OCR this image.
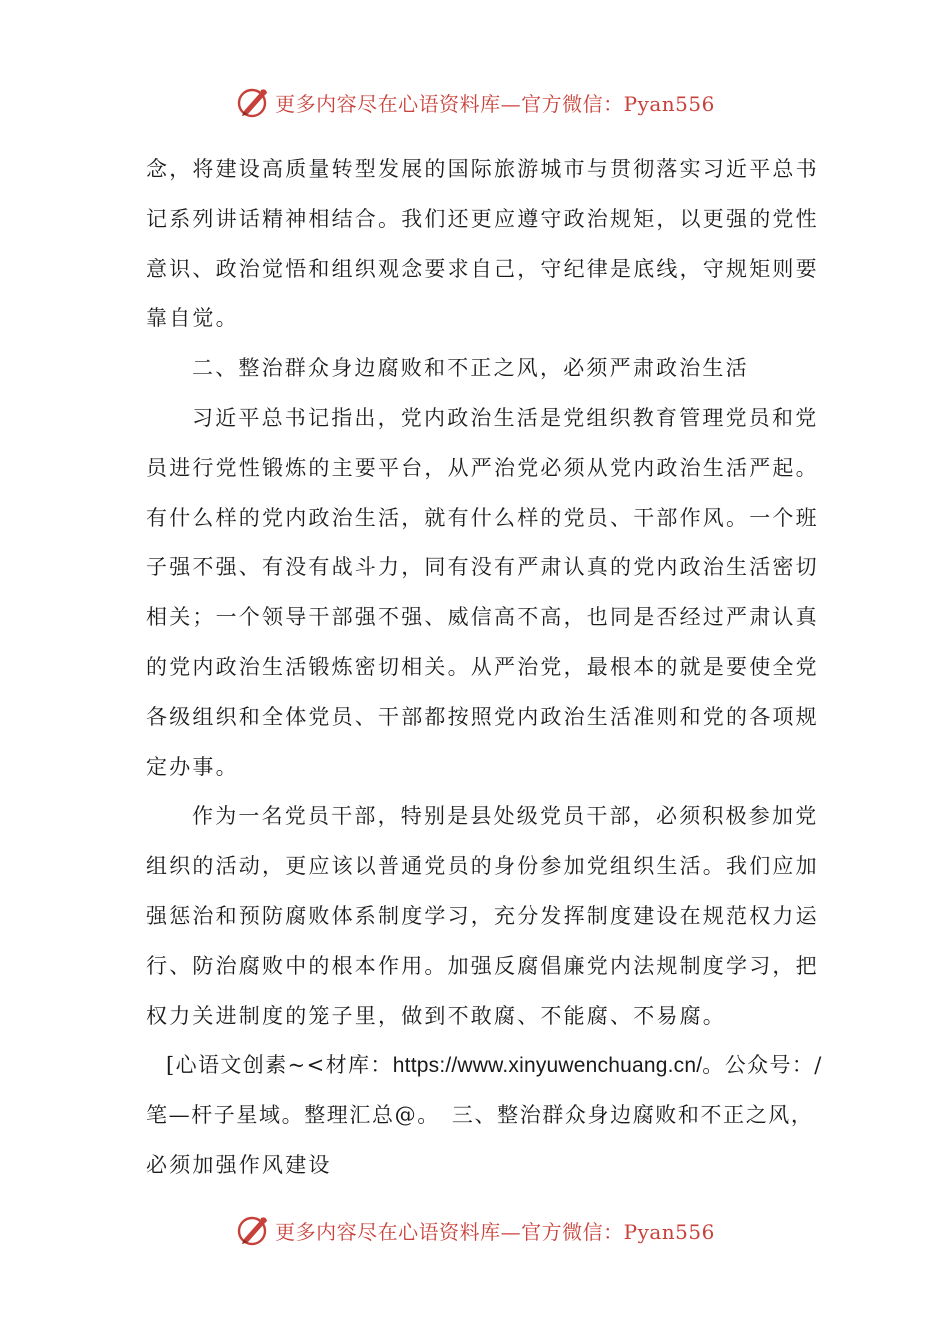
更多内容尽在心语资料库—官方微信：Pyan556
念，将建设高质量转型发展的国际旅游城市与贯彻落实习近平总书
记系列讲话精神相结合。我们还更应遵守政治规矩，以更强的党性
意识、政治觉悟和组织观念要求自己，守纪律是底线，守规矩则要
靠自觉。
二、整治群众身边腐败和不正之风，必须严肃政治生活
习近平总书记指出，党内政治生活是党组织教育管理党员和党
员进行党性锻炼的主要平台，从严治党必须从党内政治生活严起。
有什么样的党内政治生活，就有什么样的党员、干部作风。一个班
子强不强、有没有战斗力，同有没有严肃认真的党内政治生活密切
相关；一个领导干部强不强、威信高不高，也同是否经过严肃认真
的党内政治生活锻炼密切相关。从严治党，最根本的就是要使全党
各级组织和全体党员、干部都按照党内政治生活准则和党的各项规
定办事。
作为一名党员干部，特别是县处级党员干部，必须积极参加党
组织的活动，更应该以普通党员的身份参加党组织生活。我们应加
强惩治和预防腐败体系制度学习，充分发挥制度建设在规范权力运
行、防治腐败中的根本作用。加强反腐倡廉党内法规制度学习，把
权力关进制度的笼子里，做到不敢腐、不能腐、不易腐。
[心语文创素~<材库：https://www.xinyuwenchuang.cn/。公众号：/
笔—杆子星域。整理汇总@。　三、整治群众身边腐败和不正之风，
必须加强作风建设
更多内容尽在心语资料库—官方微信：Pyan556
